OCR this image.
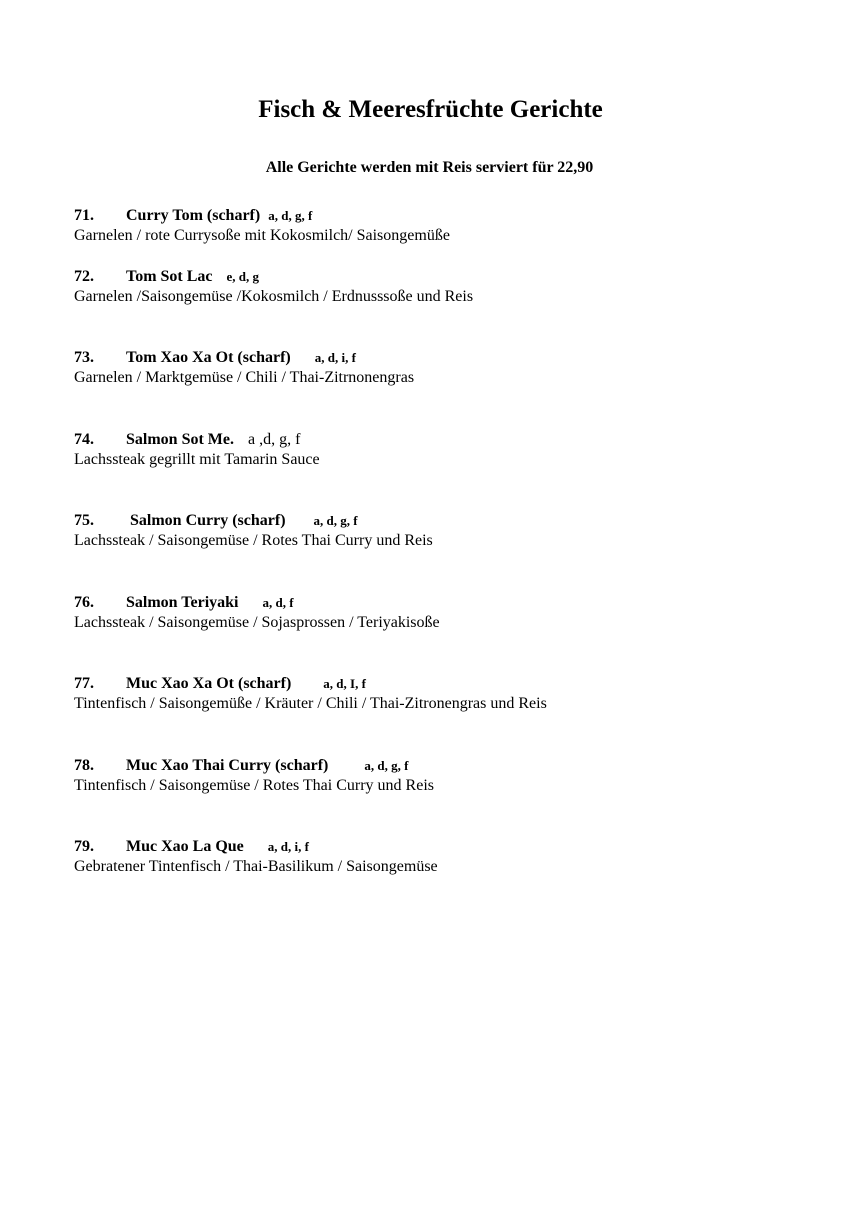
Fisch & Meeresfrüchte Gerichte
Alle Gerichte werden mit Reis serviert für 22,90
71. Curry Tom (scharf) a, d, g, f
Garnelen / rote Currysoße mit Kokosmilch/ Saisongemüße
72. Tom Sot Lac e, d, g
Garnelen /Saisongemüse /Kokosmilch / Erdnusssoße und Reis
73. Tom Xao Xa Ot (scharf) a, d, i, f
Garnelen / Marktgemüse / Chili / Thai-Zitrnonengras
74. Salmon Sot Me. a ,d, g, f
Lachssteak gegrillt mit Tamarin Sauce
75. Salmon Curry (scharf) a, d, g, f
Lachssteak / Saisongemüse / Rotes Thai Curry und Reis
76. Salmon Teriyaki a, d, f
Lachssteak / Saisongemüse / Sojasprossen / Teriyakisoße
77. Muc Xao Xa Ot (scharf) a, d, I, f
Tintenfisch / Saisongemüße / Kräuter / Chili / Thai-Zitronengras und Reis
78. Muc Xao Thai Curry (scharf)	a, d, g, f
Tintenfisch / Saisongemüse / Rotes Thai Curry und Reis
79. Muc Xao La Que a, d, i, f
Gebratener Tintenfisch / Thai-Basilikum / Saisongemüse
